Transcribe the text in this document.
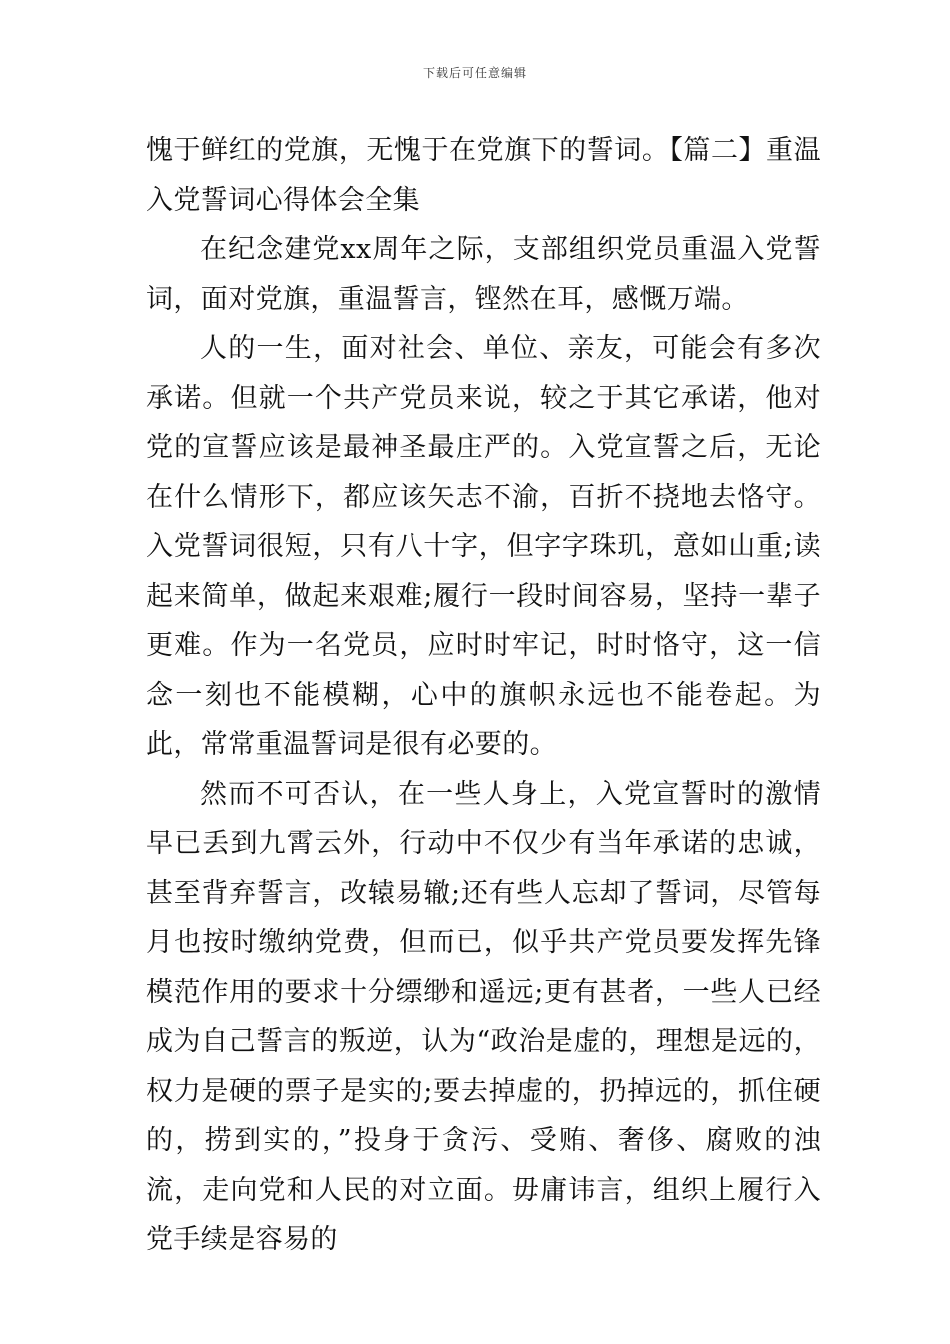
下载后可任意编辑

愧于鲜红的党旗，无愧于在党旗下的誓词。【篇二】重温入党誓词心得体会全集

在纪念建党xx周年之际，支部组织党员重温入党誓词，面对党旗，重温誓言，铿然在耳，感慨万端。

人的一生，面对社会、单位、亲友，可能会有多次承诺。但就一个共产党员来说，较之于其它承诺，他对党的宣誓应该是最神圣最庄严的。入党宣誓之后，无论在什么情形下，都应该矢志不渝，百折不挠地去恪守。入党誓词很短，只有八十字，但字字珠玑，意如山重;读起来简单，做起来艰难;履行一段时间容易，坚持一辈子更难。作为一名党员，应时时牢记，时时恪守，这一信念一刻也不能模糊，心中的旗帜永远也不能卷起。为此，常常重温誓词是很有必要的。

然而不可否认，在一些人身上，入党宣誓时的激情早已丢到九霄云外，行动中不仅少有当年承诺的忠诚，甚至背弃誓言，改辕易辙;还有些人忘却了誓词，尽管每月也按时缴纳党费，但而已，似乎共产党员要发挥先锋模范作用的要求十分缥缈和遥远;更有甚者，一些人已经成为自己誓言的叛逆，认为“政治是虚的，理想是远的，权力是硬的票子是实的;要去掉虚的，扔掉远的，抓住硬的，捞到实的，”投身于贪污、受贿、奢侈、腐败的浊流，走向党和人民的对立面。毋庸讳言，组织上履行入党手续是容易的
